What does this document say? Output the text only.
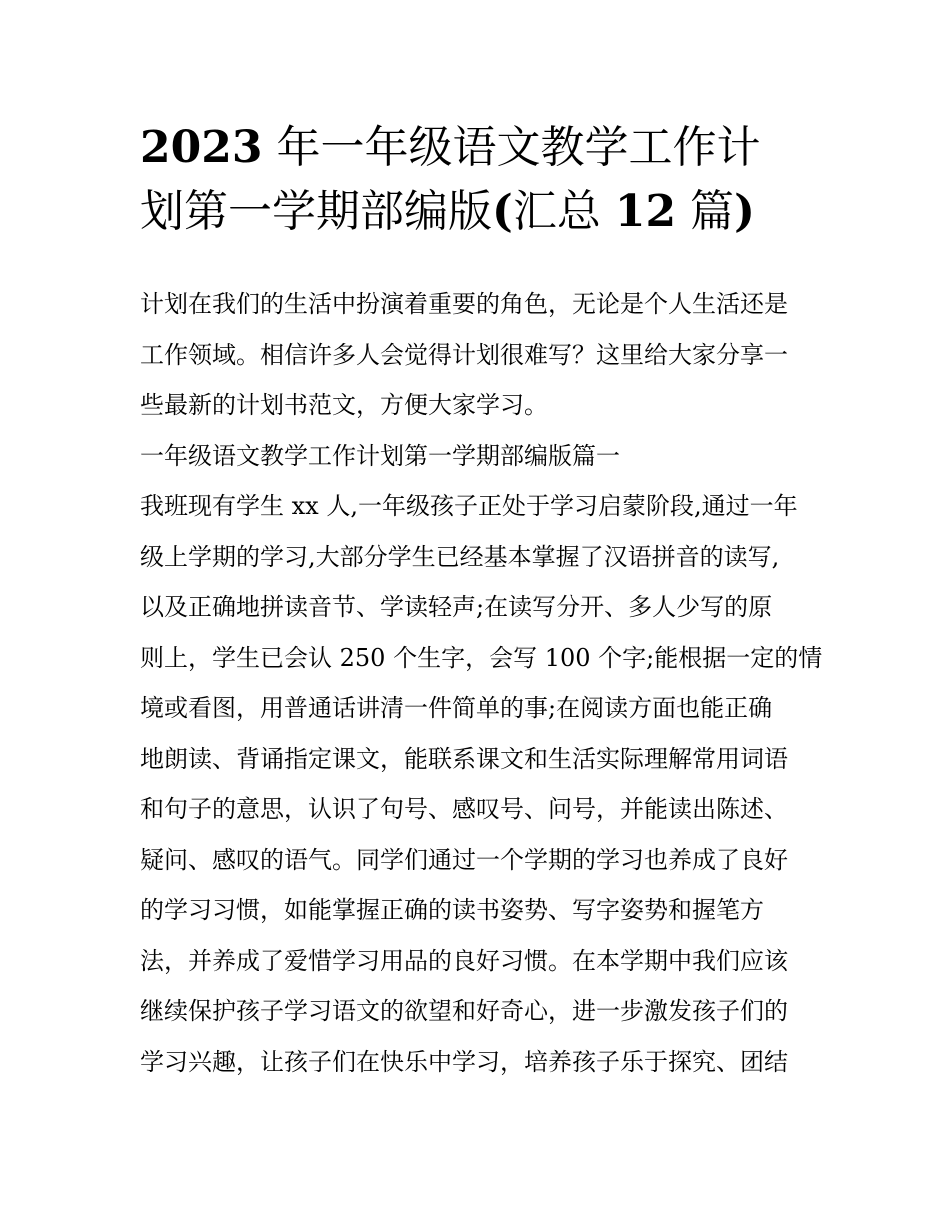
2023 年一年级语文教学工作计
划第一学期部编版(汇总 12 篇)

计划在我们的生活中扮演着重要的角色，无论是个人生活还是
工作领域。相信许多人会觉得计划很难写？这里给大家分享一
些最新的计划书范文，方便大家学习。

一年级语文教学工作计划第一学期部编版篇一

我班现有学生 xx 人,一年级孩子正处于学习启蒙阶段,通过一年
级上学期的学习,大部分学生已经基本掌握了汉语拼音的读写,
以及正确地拼读音节、学读轻声;在读写分开、多人少写的原
则上，学生已会认 250 个生字，会写 100 个字;能根据一定的情
境或看图，用普通话讲清一件简单的事;在阅读方面也能正确
地朗读、背诵指定课文，能联系课文和生活实际理解常用词语
和句子的意思，认识了句号、感叹号、问号，并能读出陈述、
疑问、感叹的语气。同学们通过一个学期的学习也养成了良好
的学习习惯，如能掌握正确的读书姿势、写字姿势和握笔方
法，并养成了爱惜学习用品的良好习惯。在本学期中我们应该
继续保护孩子学习语文的欲望和好奇心，进一步激发孩子们的
学习兴趣，让孩子们在快乐中学习，培养孩子乐于探究、团结
